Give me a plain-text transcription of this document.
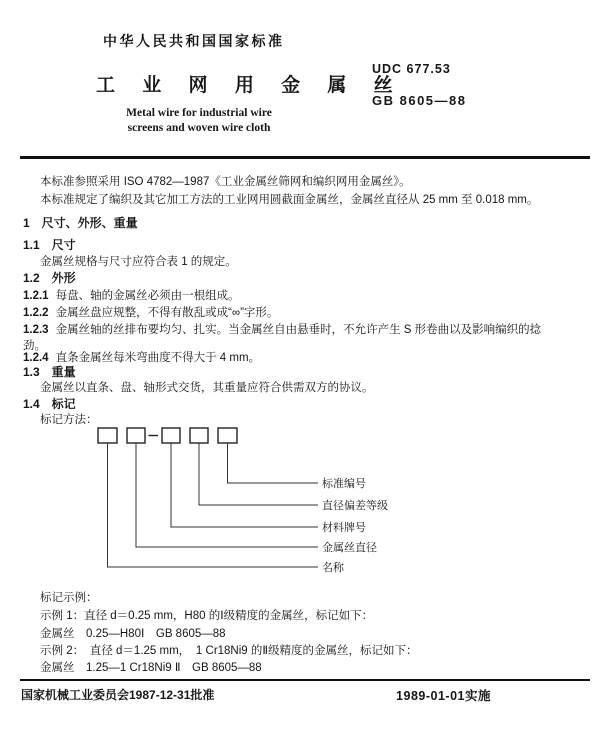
中华人民共和国国家标准
UDC 677.53
GB 8605—88
工 业 网 用 金 属 丝
Metal wire for industrial wire
screens and woven wire cloth
本标准参照采用 ISO 4782—1987《工业金属丝筛网和编织网用金属丝》。
本标准规定了编织及其它加工方法的工业网用圆截面金属丝，金属丝直径从 25 mm 至 0.018 mm。
1　尺寸、外形、重量
1.1　尺寸
金属丝规格与尺寸应符合表 1 的规定。
1.2　外形
1.2.1 每盘、轴的金属丝必须由一根组成。
1.2.2 金属丝盘应规整，不得有散乱或成“∞”字形。
1.2.3 金属丝轴的丝排布要均匀、扎实。当金属丝自由悬垂时，不允许产生 S 形卷曲以及影响编织的捻
劲。
1.2.4 直条金属丝每米弯曲度不得大于 4 mm。
1.3　重量
金属丝以直条、盘、轴形式交货，其重量应符合供需双方的协议。
1.4　标记
标记方法：
标准编号
直径偏差等级
材料牌号
金属丝直径
名称
标记示例：
示例 1：直径 d＝0.25 mm，H80 的Ⅰ级精度的金属丝，标记如下：
金属丝　0.25—H80Ⅰ　GB 8605—88
示例 2：　直径 d＝1.25 mm，　1 Cr18Ni9 的Ⅱ级精度的金属丝，标记如下：
金属丝　1.25—1 Cr18Ni9 Ⅱ　GB 8605—88
国家机械工业委员会1987-12-31批准	1989-01-01实施
